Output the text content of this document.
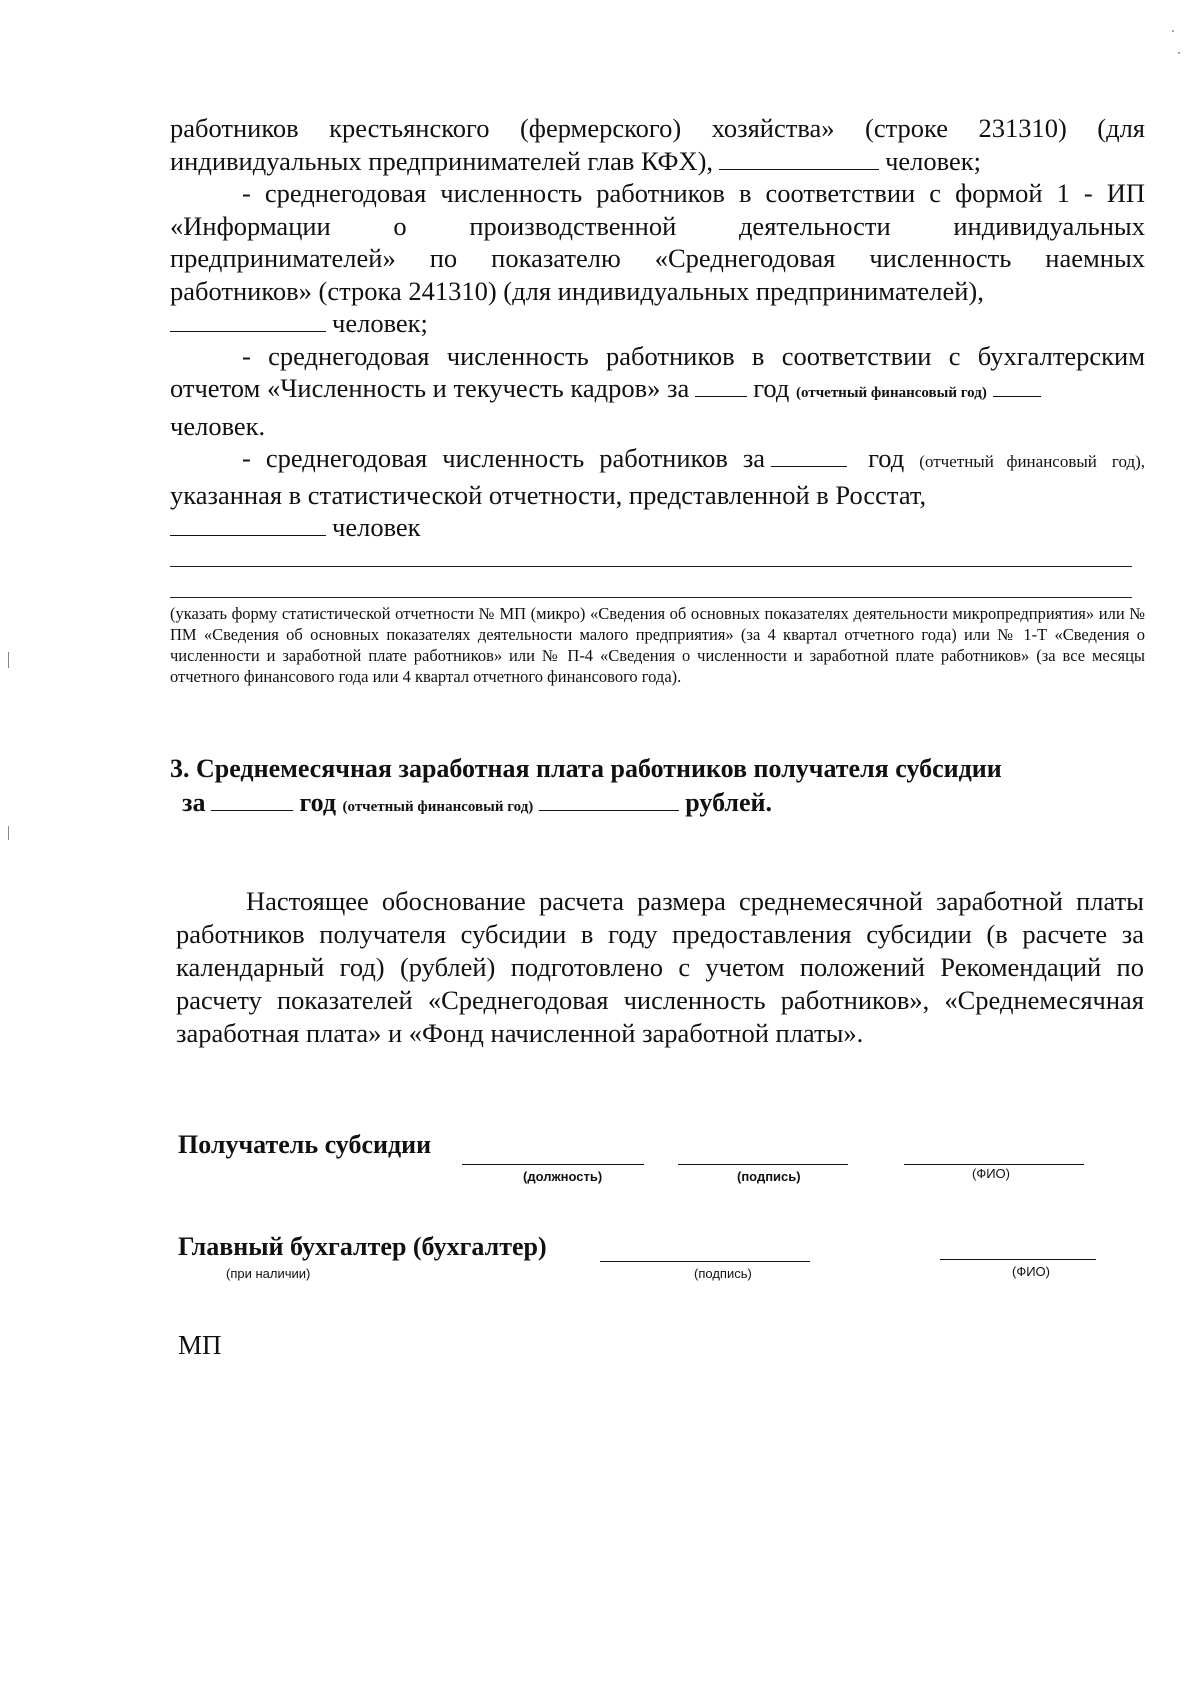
работников крестьянского (фермерского) хозяйства» (строке 231310) (для

индивидуальных предпринимателей глав КФХ),	человек;

- среднегодовая численность работников в соответствии с формой 1 - ИП «Информации о производственной деятельности индивидуальных предпринимателей» по показателю «Среднегодовая численность наемных работников» (строка 241310) (для индивидуальных предпринимателей),

человек;

- среднегодовая численность работников в соответствии с бухгалтерским отчетом «Численность и текучесть кадров» за год (отчетный финансовый год)

человек.

- среднегодовая численность работников за	год (отчетный финансовый год), указанная в статистической отчетности, представленной в Росстат,

человек

(указать форму статистической отчетности № МП (микро) «Сведения об основных показателях деятельности микропредприятия» или № ПМ «Сведения об основных показателях деятельности малого предприятия» (за 4 квартал отчетного года) или № 1-Т «Сведения о численности и заработной плате работников» или № П-4 «Сведения о численности и заработной плате работников» (за все месяцы отчетного финансового года или 4 квартал отчетного финансового года).
3. Среднемесячная заработная плата работников получателя субсидии
за	год (отчетный финансовый год)	рублей.
Настоящее обоснование расчета размера среднемесячной заработной платы работников получателя субсидии в году предоставления субсидии (в расчете за календарный год) (рублей) подготовлено с учетом положений Рекомендаций по расчету показателей «Среднегодовая численность работников», «Среднемесячная заработная плата» и «Фонд начисленной заработной платы».
Получатель субсидии
(должность)	(подпись)	(ФИО)
Главный бухгалтер (бухгалтер)
(при наличии)	(подпись)	(ФИО)
МП
